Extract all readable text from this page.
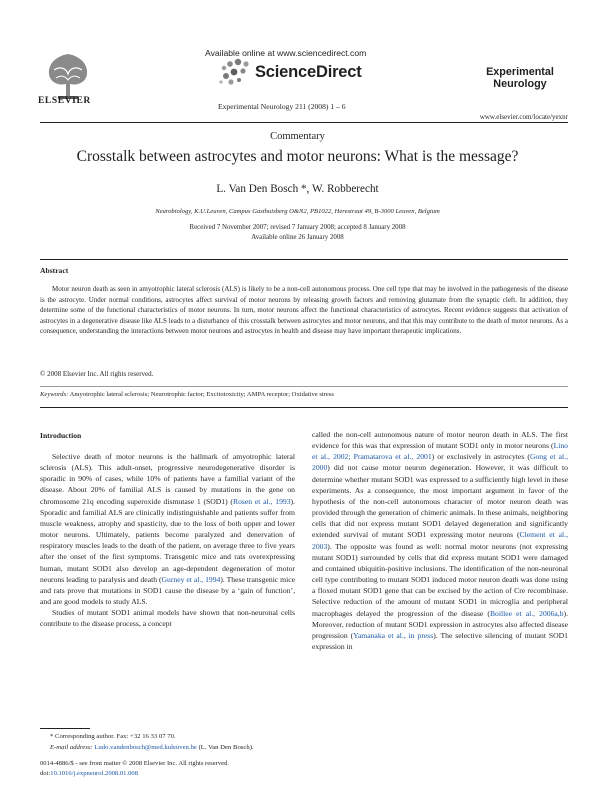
ELSEVIER
Available online at www.sciencedirect.com
ScienceDirect
Experimental Neurology 211 (2008) 1 – 6
Experimental
Neurology
www.elsevier.com/locate/yexnr
Commentary
Crosstalk between astrocytes and motor neurons: What is the message?
L. Van Den Bosch *, W. Robberecht
Neurobiology, K.U.Leuven, Campus Gasthuisberg O&N2, PB1022, Herestraat 49, B-3000 Leuven, Belgium
Received 7 November 2007; revised 7 January 2008; accepted 8 January 2008
Available online 26 January 2008
Abstract

Motor neuron death as seen in amyotrophic lateral sclerosis (ALS) is likely to be a non-cell autonomous process. One cell type that may be involved in the pathogenesis of the disease is the astrocyte. Under normal conditions, astrocytes affect survival of motor neurons by releasing growth factors and removing glutamate from the synaptic cleft. In addition, they determine some of the functional characteristics of motor neurons. In turn, motor neurons affect the functional characteristics of astrocytes. Recent evidence suggests that activation of astrocytes in a degenerative disease like ALS leads to a disturbance of this crosstalk between astrocytes and motor neurons, and that this may contribute to the death of motor neurons. As a consequence, understanding the interactions between motor neurons and astrocytes in health and disease may have important therapeutic implications.

© 2008 Elsevier Inc. All rights reserved.
Keywords: Amyotrophic lateral sclerosis; Neurotrophic factor; Excitotoxicity; AMPA receptor; Oxidative stress
Introduction

Selective death of motor neurons is the hallmark of amyotrophic lateral sclerosis (ALS). This adult-onset, progressive neurodegenerative disorder is sporadic in 90% of cases, while 10% of patients have a familial variant of the disease. About 20% of familial ALS is caused by mutations in the gene on chromosome 21q encoding superoxide dismutase 1 (SOD1) (Rosen et al., 1993). Sporadic and familial ALS are clinically indistinguishable and patients suffer from muscle weakness, atrophy and spasticity, due to the loss of both upper and lower motor neurons. Ultimately, patients become paralyzed and denervation of respiratory muscles leads to the death of the patient, on average three to five years after the onset of the first symptoms. Transgenic mice and rats overexpressing human, mutant SOD1 also develop an age-dependent degeneration of motor neurons leading to paralysis and death (Gurney et al., 1994). These transgenic mice and rats prove that mutations in SOD1 cause the disease by a ‘gain of function’, and are good models to study ALS.

Studies of mutant SOD1 animal models have shown that non-neuronal cells contribute to the disease process, a concept

called the non-cell autonomous nature of motor neuron death in ALS. The first evidence for this was that expression of mutant SOD1 only in motor neurons (Lino et al., 2002; Pramatarova et al., 2001) or exclusively in astrocytes (Gong et al., 2000) did not cause motor neuron degeneration. However, it was difficult to determine whether mutant SOD1 was expressed to a sufficiently high level in these experiments. As a consequence, the most important argument in favor of the hypothesis of the non-cell autonomous character of motor neuron death was provided through the generation of chimeric animals. In these animals, neighboring cells that did not express mutant SOD1 delayed degeneration and significantly extended survival of mutant SOD1 expressing motor neurons (Clement et al., 2003). The opposite was found as well: normal motor neurons (not expressing mutant SOD1) surrounded by cells that did express mutant SOD1 were damaged and contained ubiquitin-positive inclusions. The identification of the non-neuronal cell type contributing to mutant SOD1 induced motor neuron death was done using a floxed mutant SOD1 gene that can be excised by the action of Cre recombinase. Selective reduction of the amount of mutant SOD1 in microglia and peripheral macrophages delayed the progression of the disease (Boillee et al., 2006a,b). Moreover, reduction of mutant SOD1 expression in astrocytes also affected disease progression (Yamanaka et al., in press). The selective silencing of mutant SOD1 expression in

* Corresponding author. Fax: +32 16 33 07 70.
E-mail address: Ludo.vandenbosch@med.kuleuven.be (L. Van Den Bosch).
0014-4886/$ - see front matter © 2008 Elsevier Inc. All rights reserved.
doi:10.1016/j.expneurol.2008.01.008
